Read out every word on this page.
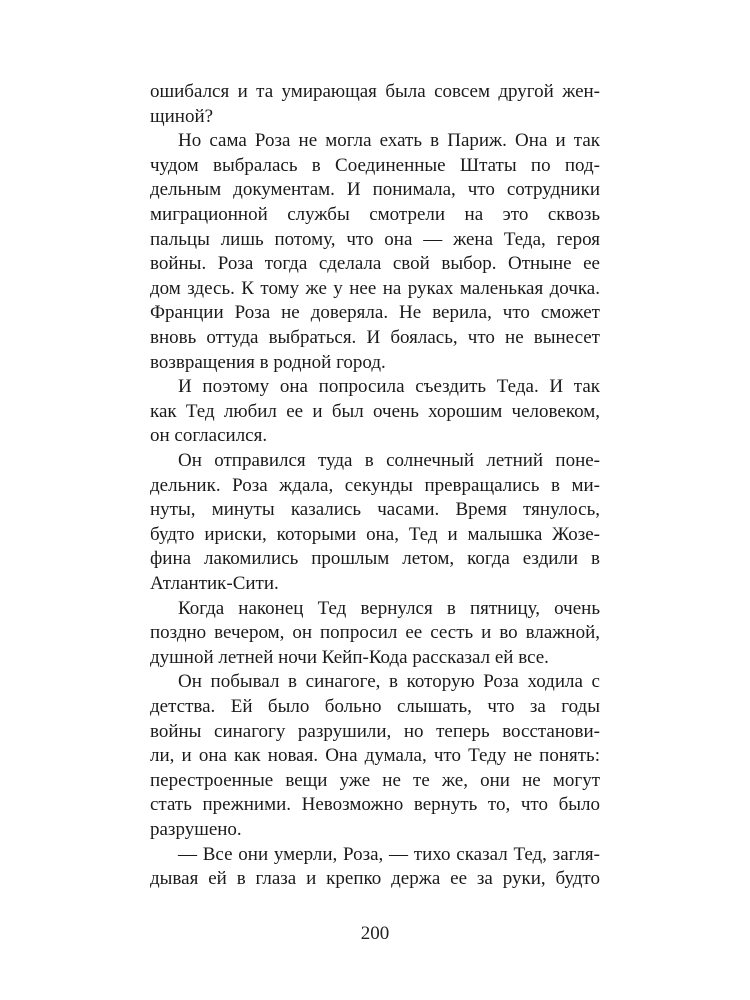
ошибался и та умирающая была совсем другой жен-
щиной?
Но сама Роза не могла ехать в Париж. Она и так
чудом выбралась в Соединенные Штаты по под-
дельным документам. И понимала, что сотрудники
миграционной службы смотрели на это сквозь
пальцы лишь потому, что она — жена Теда, героя
войны. Роза тогда сделала свой выбор. Отныне ее
дом здесь. К тому же у нее на руках маленькая дочка.
Франции Роза не доверяла. Не верила, что сможет
вновь оттуда выбраться. И боялась, что не вынесет
возвращения в родной город.
И поэтому она попросила съездить Теда. И так
как Тед любил ее и был очень хорошим человеком,
он согласился.
Он отправился туда в солнечный летний поне-
дельник. Роза ждала, секунды превращались в ми-
нуты, минуты казались часами. Время тянулось,
будто ириски, которыми она, Тед и малышка Жозе-
фина лакомились прошлым летом, когда ездили в
Атлантик-Сити.
Когда наконец Тед вернулся в пятницу, очень
поздно вечером, он попросил ее сесть и во влажной,
душной летней ночи Кейп-Кода рассказал ей все.
Он побывал в синагоге, в которую Роза ходила с
детства. Ей было больно слышать, что за годы
войны синагогу разрушили, но теперь восстанови-
ли, и она как новая. Она думала, что Теду не понять:
перестроенные вещи уже не те же, они не могут
стать прежними. Невозможно вернуть то, что было
разрушено.
— Все они умерли, Роза, — тихо сказал Тед, загля-
дывая ей в глаза и крепко держа ее за руки, будто
200
